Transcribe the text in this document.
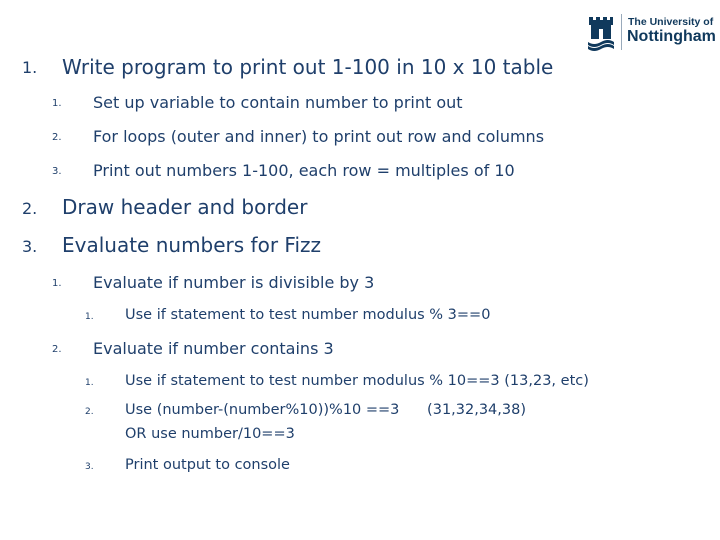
The University of
Nottingham
1. Write program to print out 1-100 in 10 x 10 table
1. Set up variable to contain number to print out
2. For loops (outer and inner) to print out row and columns
3. Print out numbers 1-100, each row = multiples of 10
2. Draw header and border
3. Evaluate numbers for Fizz
1. Evaluate if number is divisible by 3
1. Use if statement to test number modulus % 3==0
2. Evaluate if number contains 3
1. Use if statement to test number modulus % 10==3 (13,23, etc)
2. Use (number-(number%10))%10 ==3      (31,32,34,38)
OR use number/10==3
3. Print output to console
